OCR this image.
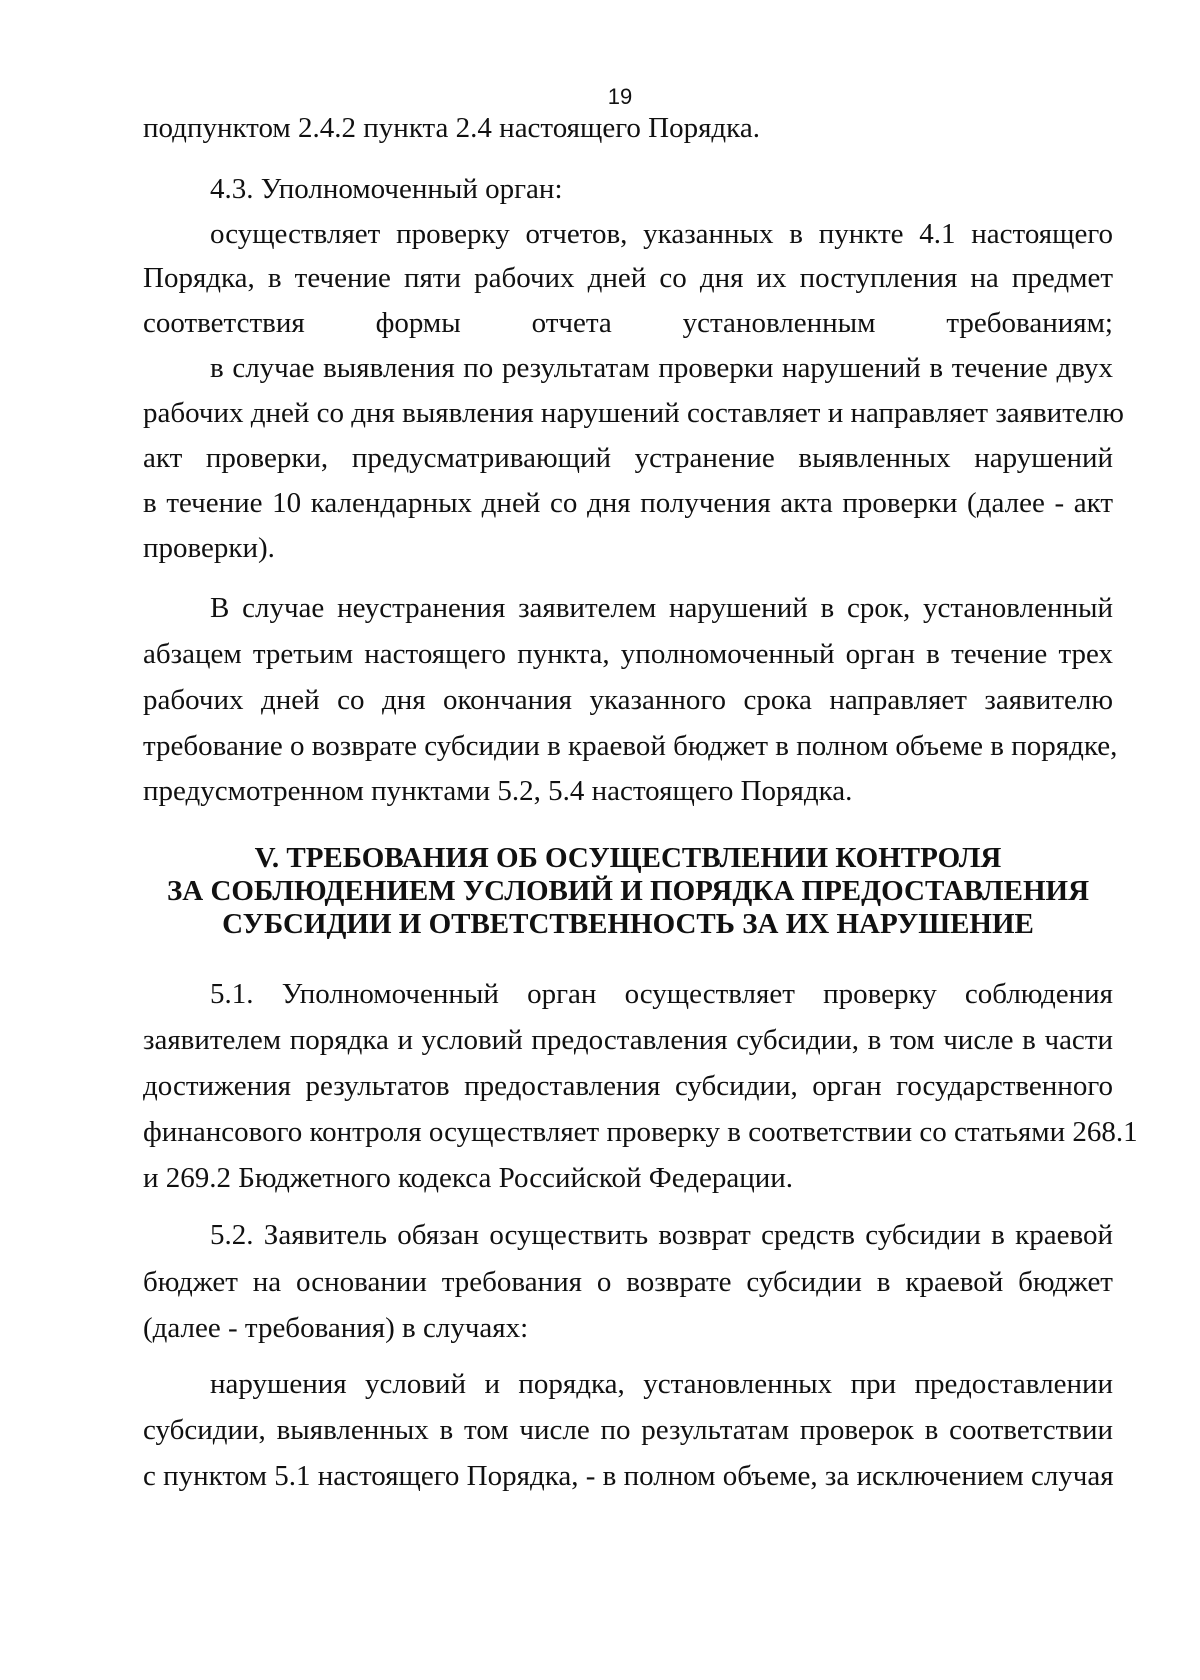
19
подпунктом 2.4.2 пункта 2.4 настоящего Порядка.
4.3. Уполномоченный орган:
осуществляет проверку отчетов, указанных в пункте 4.1 настоящего
Порядка, в течение пяти рабочих дней со дня их поступления на предмет
соответствия формы отчета установленным требованиям;
в случае выявления по результатам проверки нарушений в течение двух
рабочих дней со дня выявления нарушений составляет и направляет заявителю
акт проверки, предусматривающий устранение выявленных нарушений
в течение 10 календарных дней со дня получения акта проверки (далее - акт
проверки).
В случае неустранения заявителем нарушений в срок, установленный
абзацем третьим настоящего пункта, уполномоченный орган в течение трех
рабочих дней со дня окончания указанного срока направляет заявителю
требование о возврате субсидии в краевой бюджет в полном объеме в порядке,
предусмотренном пунктами 5.2, 5.4 настоящего Порядка.
V. ТРЕБОВАНИЯ ОБ ОСУЩЕСТВЛЕНИИ КОНТРОЛЯ
ЗА СОБЛЮДЕНИЕМ УСЛОВИЙ И ПОРЯДКА ПРЕДОСТАВЛЕНИЯ
СУБСИДИИ И ОТВЕТСТВЕННОСТЬ ЗА ИХ НАРУШЕНИЕ
5.1. Уполномоченный орган осуществляет проверку соблюдения
заявителем порядка и условий предоставления субсидии, в том числе в части
достижения результатов предоставления субсидии, орган государственного
финансового контроля осуществляет проверку в соответствии со статьями 268.1
и 269.2 Бюджетного кодекса Российской Федерации.
5.2. Заявитель обязан осуществить возврат средств субсидии в краевой
бюджет на основании требования о возврате субсидии в краевой бюджет
(далее - требования) в случаях:
нарушения условий и порядка, установленных при предоставлении
субсидии, выявленных в том числе по результатам проверок в соответствии
с пунктом 5.1 настоящего Порядка, - в полном объеме, за исключением случая
